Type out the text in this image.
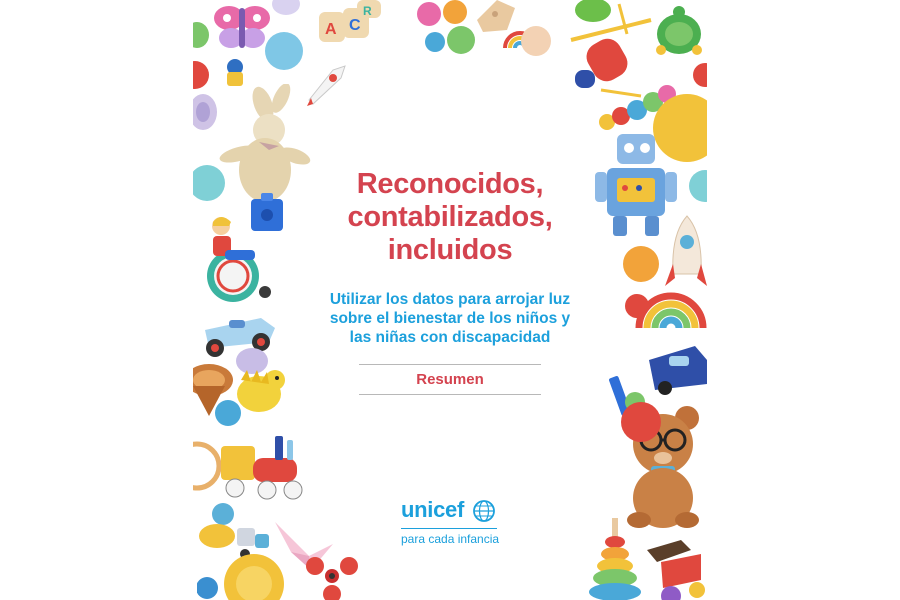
A C
R
Reconocidos,
contabilizados,
incluidos
Utilizar los datos para arrojar luz
sobre el bienestar de los niños y
las niñas con discapacidad
Resumen
unicef
para cada infancia
